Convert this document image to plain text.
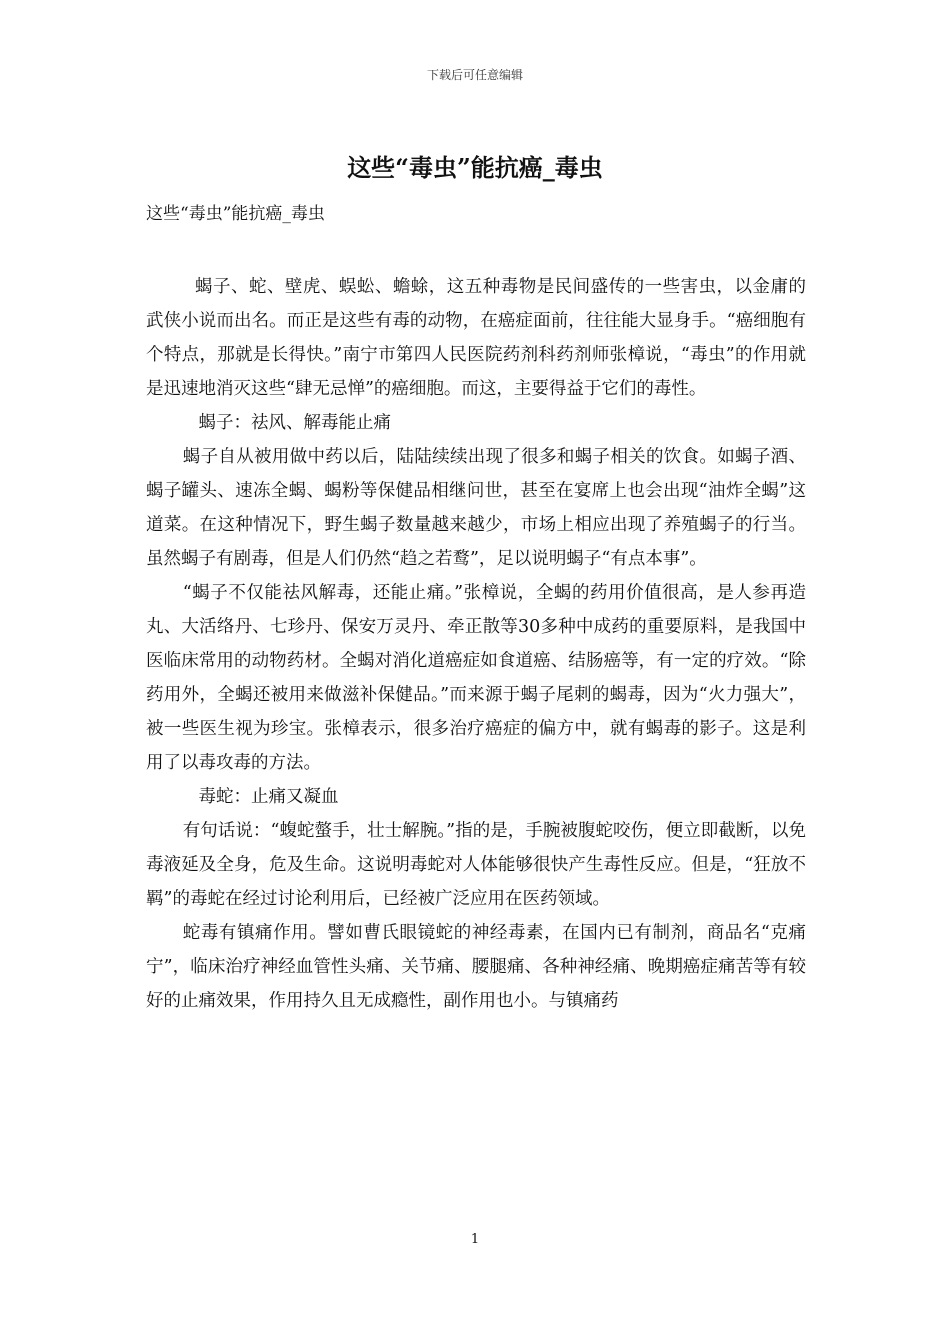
下载后可任意编辑
这些“毒虫”能抗癌_毒虫

这些“毒虫”能抗癌_毒虫

蝎子、蛇、壁虎、蜈蚣、蟾蜍，这五种毒物是民间盛传的一些害虫，以金庸的武侠小说而出名。而正是这些有毒的动物，在癌症面前，往往能大显身手。“癌细胞有个特点，那就是长得快。”南宁市第四人民医院药剂科药剂师张樟说，“毒虫”的作用就是迅速地消灭这些“肆无忌惮”的癌细胞。而这，主要得益于它们的毒性。

蝎子：祛风、解毒能止痛

蝎子自从被用做中药以后，陆陆续续出现了很多和蝎子相关的饮食。如蝎子酒、蝎子罐头、速冻全蝎、蝎粉等保健品相继问世，甚至在宴席上也会出现“油炸全蝎”这道菜。在这种情况下，野生蝎子数量越来越少，市场上相应出现了养殖蝎子的行当。虽然蝎子有剧毒，但是人们仍然“趋之若鹜”，足以说明蝎子“有点本事”。

“蝎子不仅能祛风解毒，还能止痛。”张樟说，全蝎的药用价值很高，是人参再造丸、大活络丹、七珍丹、保安万灵丹、牵正散等30多种中成药的重要原料，是我国中医临床常用的动物药材。全蝎对消化道癌症如食道癌、结肠癌等，有一定的疗效。“除药用外，全蝎还被用来做滋补保健品。”而来源于蝎子尾刺的蝎毒，因为“火力强大”，被一些医生视为珍宝。张樟表示，很多治疗癌症的偏方中，就有蝎毒的影子。这是利用了以毒攻毒的方法。

毒蛇：止痛又凝血

有句话说：“蝮蛇螫手，壮士解腕。”指的是，手腕被腹蛇咬伤，便立即截断，以免毒液延及全身，危及生命。这说明毒蛇对人体能够很快产生毒性反应。但是，“狂放不羁”的毒蛇在经过讨论利用后，已经被广泛应用在医药领域。

蛇毒有镇痛作用。譬如曹氏眼镜蛇的神经毒素，在国内已有制剂，商品名“克痛宁”，临床治疗神经血管性头痛、关节痛、腰腿痛、各种神经痛、晚期癌症痛苦等有较好的止痛效果，作用持久且无成瘾性，副作用也小。与镇痛药

1
